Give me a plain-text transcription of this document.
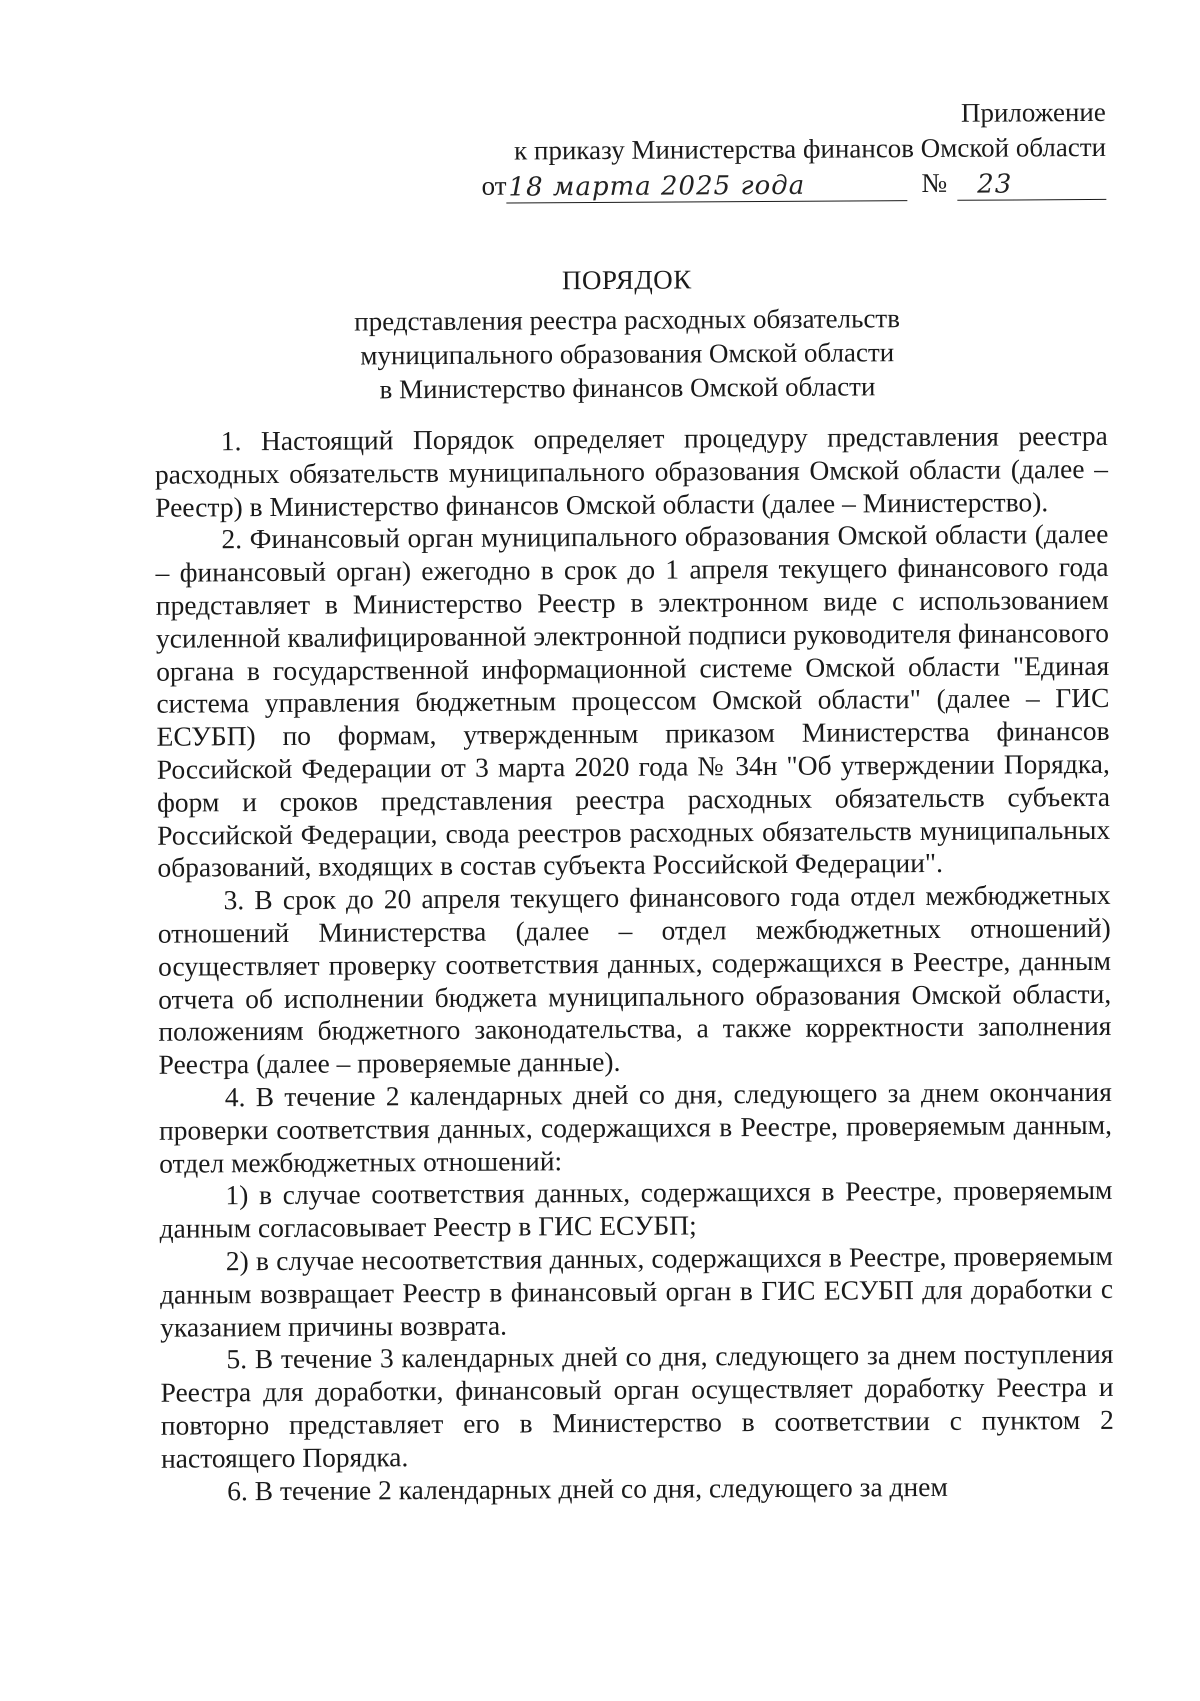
Приложение
к приказу Министерства финансов Омской области
от 18 марта 2025 года	№	23
ПОРЯДОК
представления реестра расходных обязательств
муниципального образования Омской области
в Министерство финансов Омской области

1. Настоящий Порядок определяет процедуру представления реестра расходных обязательств муниципального образования Омской области (далее – Реестр) в Министерство финансов Омской области (далее – Министерство).

2. Финансовый орган муниципального образования Омской области (далее – финансовый орган) ежегодно в срок до 1 апреля текущего финансового года представляет в Министерство Реестр в электронном виде с использованием усиленной квалифицированной электронной подписи руководителя финансового органа в государственной информационной системе Омской области "Единая система управления бюджетным процессом Омской области" (далее – ГИС ЕСУБП) по формам, утвержденным приказом Министерства финансов Российской Федерации от 3 марта 2020 года № 34н "Об утверждении Порядка, форм и сроков представления реестра расходных обязательств субъекта Российской Федерации, свода реестров расходных обязательств муниципальных образований, входящих в состав субъекта Российской Федерации".

3. В срок до 20 апреля текущего финансового года отдел межбюджетных отношений Министерства (далее – отдел межбюджетных отношений) осуществляет проверку соответствия данных, содержащихся в Реестре, данным отчета об исполнении бюджета муниципального образования Омской области, положениям бюджетного законодательства, а также корректности заполнения Реестра (далее – проверяемые данные).

4. В течение 2 календарных дней со дня, следующего за днем окончания проверки соответствия данных, содержащихся в Реестре, проверяемым данным, отдел межбюджетных отношений:

1) в случае соответствия данных, содержащихся в Реестре, проверяемым данным согласовывает Реестр в ГИС ЕСУБП;

2) в случае несоответствия данных, содержащихся в Реестре, проверяемым данным возвращает Реестр в финансовый орган в ГИС ЕСУБП для доработки с указанием причины возврата.

5. В течение 3 календарных дней со дня, следующего за днем поступления Реестра для доработки, финансовый орган осуществляет доработку Реестра и повторно представляет его в Министерство в соответствии с пунктом 2 настоящего Порядка.

6. В течение 2 календарных дней со дня, следующего за днем
